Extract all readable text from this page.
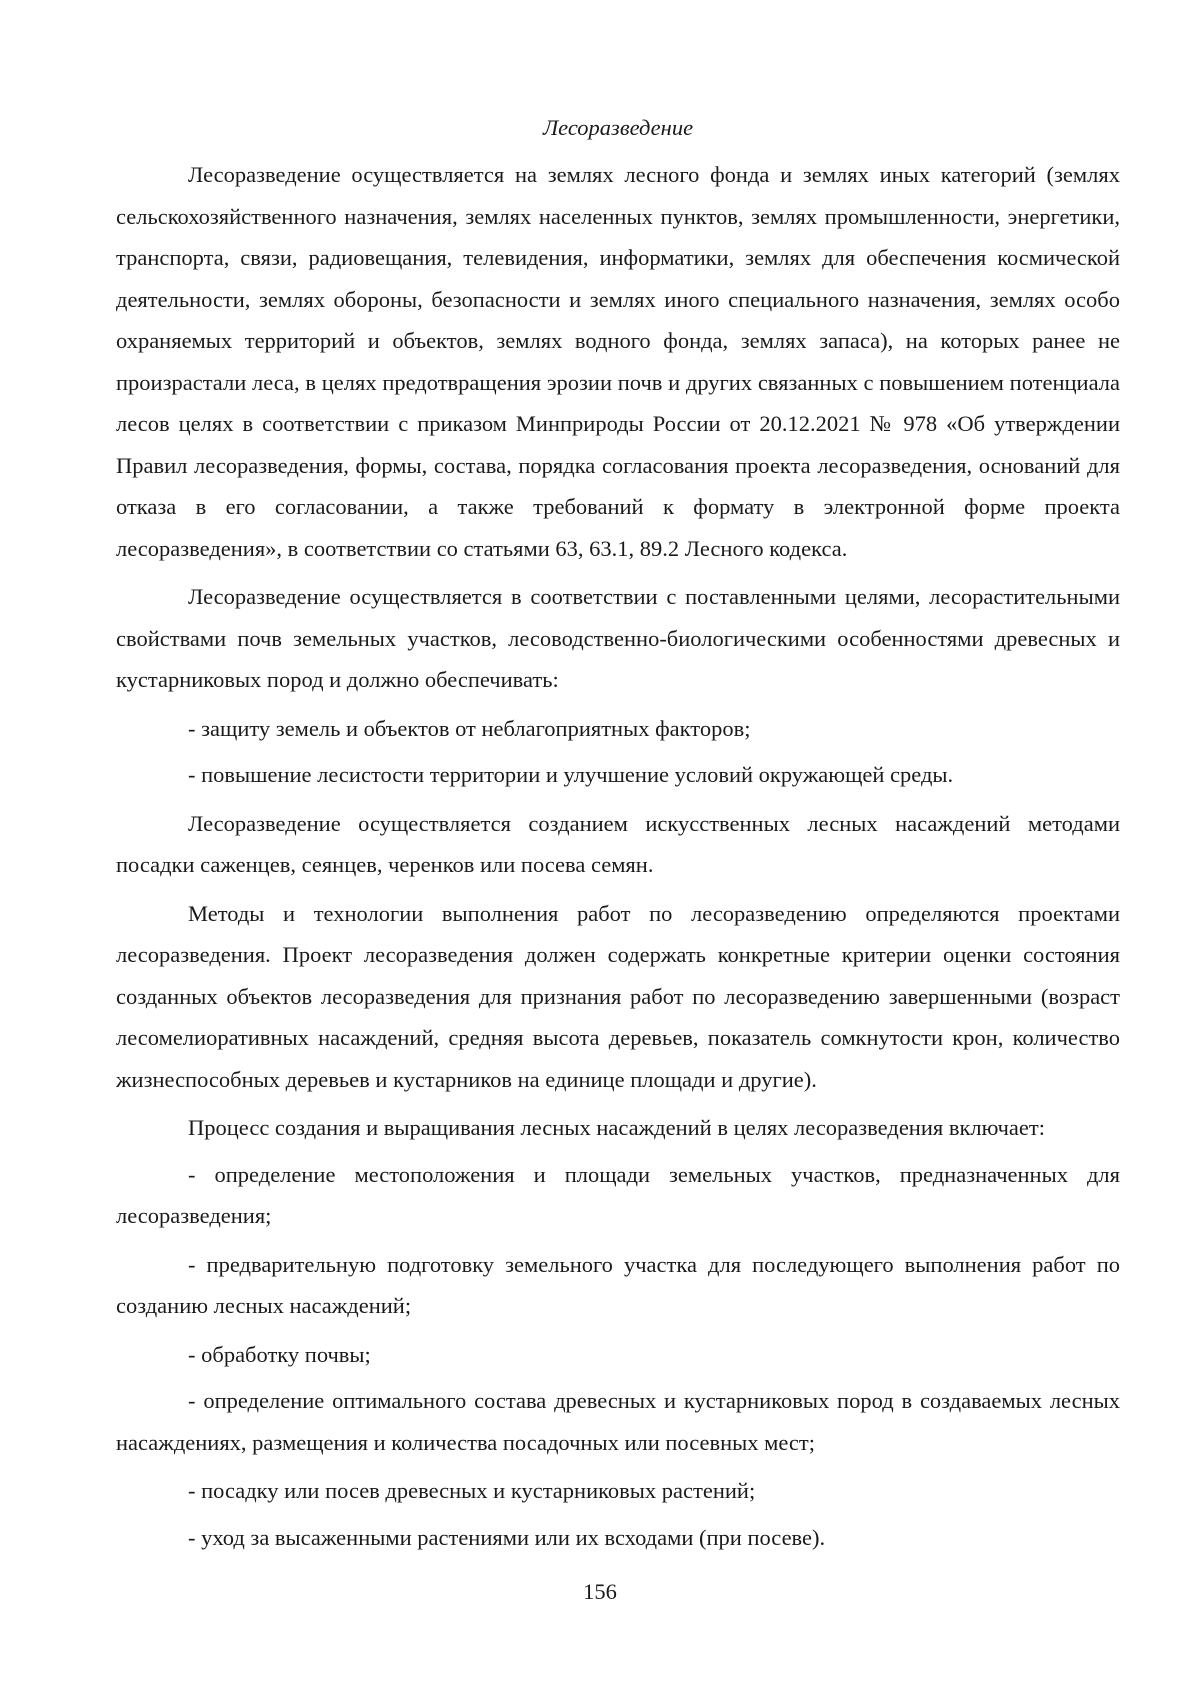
Лесоразведение

Лесоразведение осуществляется на землях лесного фонда и землях иных категорий (землях сельскохозяйственного назначения, землях населенных пунктов, землях промышленности, энергетики, транспорта, связи, радиовещания, телевидения, информатики, землях для обеспечения космической деятельности, землях обороны, безопасности и землях иного специального назначения, землях особо охраняемых территорий и объектов, землях водного фонда, землях запаса), на которых ранее не произрастали леса, в целях предотвращения эрозии почв и других связанных с повышением потенциала лесов целях в соответствии с приказом Минприроды России от 20.12.2021 № 978 «Об утверждении Правил лесоразведения, формы, состава, порядка согласования проекта лесоразведения, оснований для отказа в его согласовании, а также требований к формату в электронной форме проекта лесоразведения», в соответствии со статьями 63, 63.1, 89.2 Лесного кодекса.

Лесоразведение осуществляется в соответствии с поставленными целями, лесорастительными свойствами почв земельных участков, лесоводственно-биологическими особенностями древесных и кустарниковых пород и должно обеспечивать:

- защиту земель и объектов от неблагоприятных факторов;

- повышение лесистости территории и улучшение условий окружающей среды.

Лесоразведение осуществляется созданием искусственных лесных насаждений методами посадки саженцев, сеянцев, черенков или посева семян.

Методы и технологии выполнения работ по лесоразведению определяются проектами лесоразведения. Проект лесоразведения должен содержать конкретные критерии оценки состояния созданных объектов лесоразведения для признания работ по лесоразведению завершенными (возраст лесомелиоративных насаждений, средняя высота деревьев, показатель сомкнутости крон, количество жизнеспособных деревьев и кустарников на единице площади и другие).

Процесс создания и выращивания лесных насаждений в целях лесоразведения включает:

- определение местоположения и площади земельных участков, предназначенных для лесоразведения;

- предварительную подготовку земельного участка для последующего выполнения работ по созданию лесных насаждений;

- обработку почвы;

- определение оптимального состава древесных и кустарниковых пород в создаваемых лесных насаждениях, размещения и количества посадочных или посевных мест;

- посадку или посев древесных и кустарниковых растений;

- уход за высаженными растениями или их всходами (при посеве).

156
